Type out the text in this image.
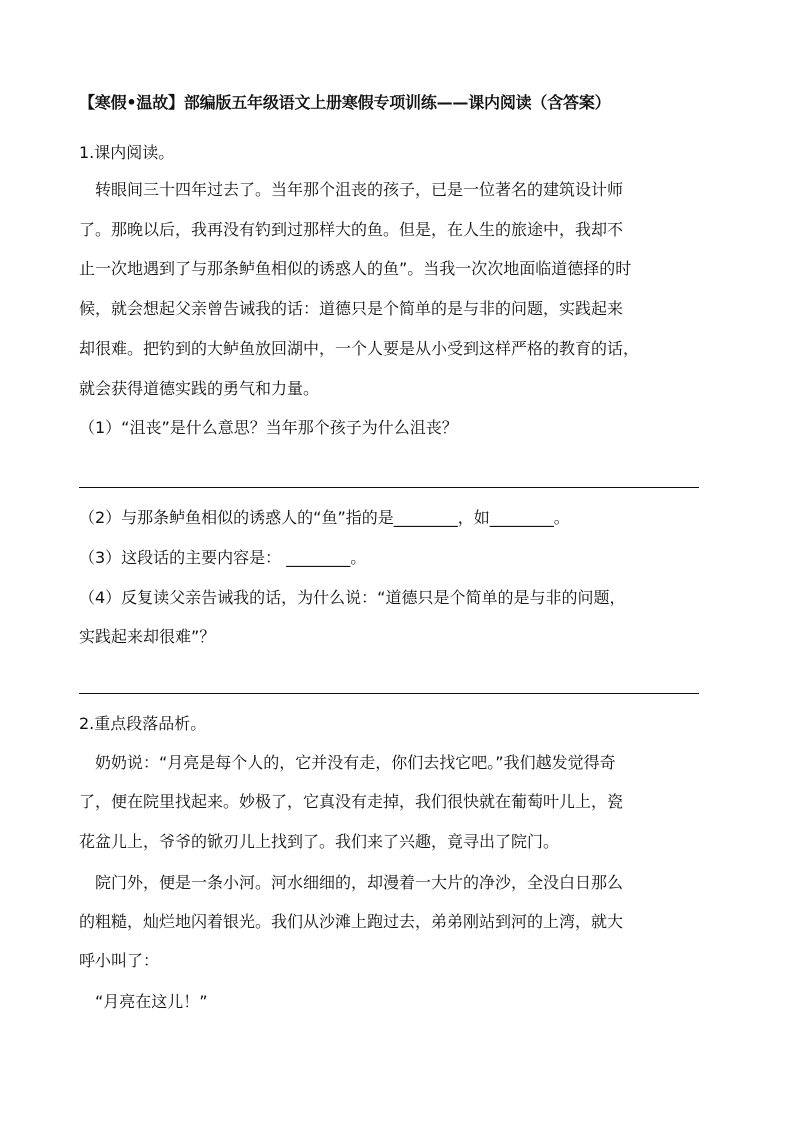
【寒假•温故】部编版五年级语文上册寒假专项训练——课内阅读（含答案）
1.课内阅读。
转眼间三十四年过去了。当年那个沮丧的孩子，已是一位著名的建筑设计师
了。那晚以后，我再没有钓到过那样大的鱼。但是，在人生的旅途中，我却不
止一次地遇到了与那条鲈鱼相似的诱惑人的鱼”。当我一次次地面临道德择的时
候，就会想起父亲曾告诫我的话：道德只是个简单的是与非的问题，实践起来
却很难。把钓到的大鲈鱼放回湖中，一个人要是从小受到这样严格的教育的话，
就会获得道德实践的勇气和力量。
（1）“沮丧”是什么意思？当年那个孩子为什么沮丧？
（2）与那条鲈鱼相似的诱惑人的“鱼”指的是________，如________。
（3）这段话的主要内容是： ________。
（4）反复读父亲告诫我的话，为什么说：“道德只是个简单的是与非的问题，
实践起来却很难”？
2.重点段落品析。
奶奶说：“月亮是每个人的，它并没有走，你们去找它吧。”我们越发觉得奇
了，便在院里找起来。妙极了，它真没有走掉，我们很快就在葡萄叶儿上，瓷
花盆儿上，爷爷的锨刃儿上找到了。我们来了兴趣，竟寻出了院门。
院门外，便是一条小河。河水细细的，却漫着一大片的净沙，全没白日那么
的粗糙，灿烂地闪着银光。我们从沙滩上跑过去，弟弟刚站到河的上湾，就大
呼小叫了：
“月亮在这儿！”
